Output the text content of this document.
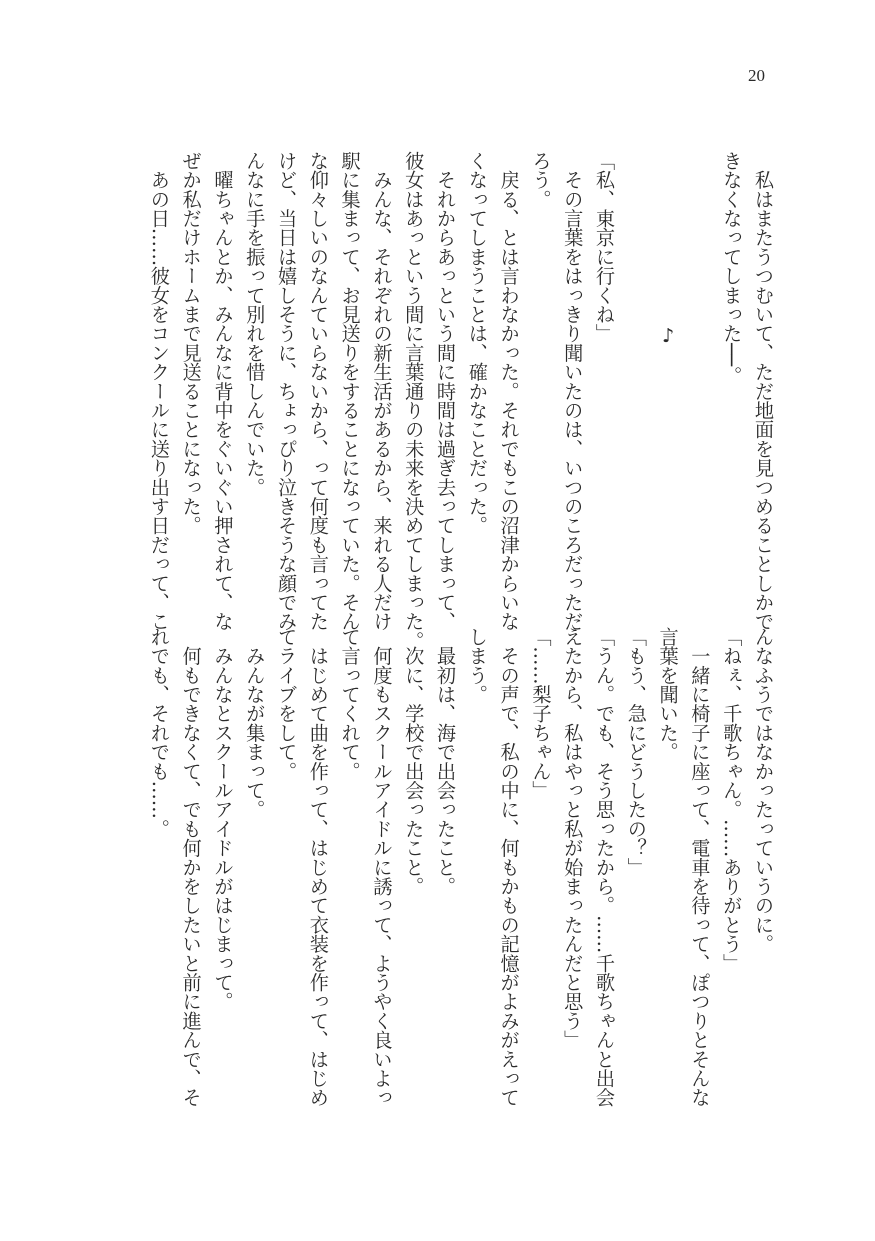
20
　私はまたうつむいて、ただ地面を見つめることしかで
きなくなってしまった──。

　　　　　　　　　♪

「私、東京に行くね」
　その言葉をはっきり聞いたのは、いつのころだっただ
ろう。
　戻る、とは言わなかった。それでもこの沼津からいな
くなってしまうことは、確かなことだった。
　それからあっという間に時間は過ぎ去ってしまって、
彼女はあっという間に言葉通りの未来を決めてしまった。
　みんな、それぞれの新生活があるから、来れる人だけ
駅に集まって、お見送りをすることになっていた。そん
な仰々しいのなんていらないから、って何度も言ってた
けど、当日は嬉しそうに、ちょっぴり泣きそうな顔でみ
んなに手を振って別れを惜しんでいた。
　曜ちゃんとか、みんなに背中をぐいぐい押されて、な
ぜか私だけホームまで見送ることになった。
　あの日……彼女をコンクールに送り出す日だって、こ
んなふうではなかったっていうのに。
「ねぇ、千歌ちゃん。……ありがとう」
　一緒に椅子に座って、電車を待って、ぽつりとそんな
言葉を聞いた。
「もう、急にどうしたの？」
「うん。でも、そう思ったから。……千歌ちゃんと出会
えたから、私はやっと私が始まったんだと思う」
「……梨子ちゃん」
　その声で、私の中に、何もかもの記憶がよみがえって
しまう。
　最初は、海で出会ったこと。
　次に、学校で出会ったこと。
　何度もスクールアイドルに誘って、ようやく良いよっ
て言ってくれて。
　はじめて曲を作って、はじめて衣装を作って、はじめ
てライブをして。
　みんなが集まって。
　みんなとスクールアイドルがはじまって。
　何もできなくて、でも何かをしたいと前に進んで、そ
れでも、それでも……。
